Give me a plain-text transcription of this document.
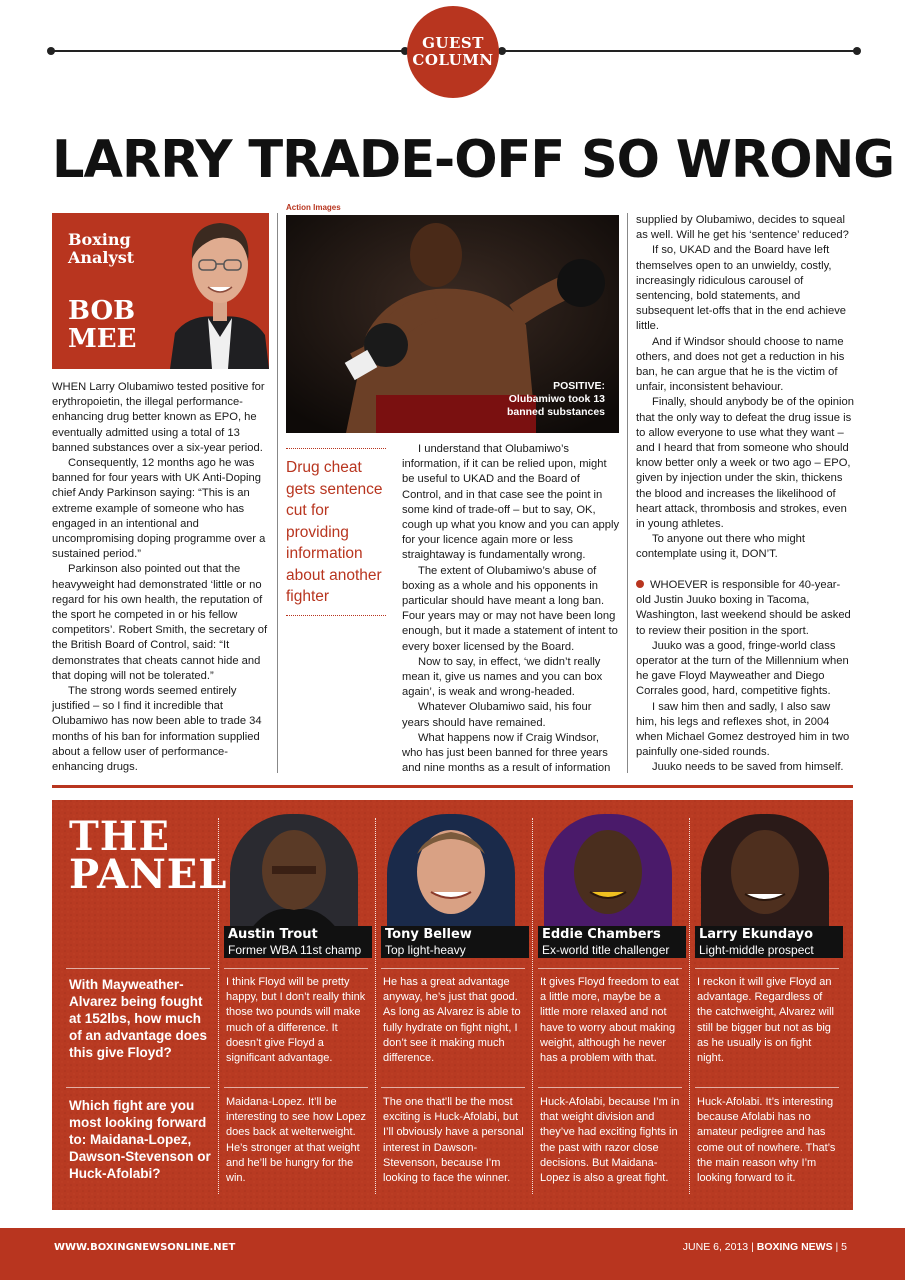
GUEST
COLUMN
LARRY TRADE-OFF SO WRONG
Boxing
Analyst
BOB
MEE

WHEN Larry Olubamiwo tested positive for erythropoietin, the illegal performance-enhancing drug better known as EPO, he eventually admitted using a total of 13 banned substances over a six-year period.

Consequently, 12 months ago he was banned for four years with UK Anti-Doping chief Andy Parkinson saying: “This is an extreme example of someone who has engaged in an intentional and uncompromising doping programme over a sustained period.”

Parkinson also pointed out that the heavyweight had demonstrated ‘little or no regard for his own health, the reputation of the sport he competed in or his fellow competitors’. Robert Smith, the secretary of the British Board of Control, said: “It demonstrates that cheats cannot hide and that doping will not be tolerated.”

The strong words seemed entirely justified – so I find it incredible that Olubamiwo has now been able to trade 34 months of his ban for information supplied about a fellow user of performance-enhancing drugs.

Action Images
POSITIVE:
Olubamiwo took 13
banned substances
Drug cheat gets sentence cut for providing information about another fighter

I understand that Olubamiwo’s information, if it can be relied upon, might be useful to UKAD and the Board of Control, and in that case see the point in some kind of trade-off – but to say, OK, cough up what you know and you can apply for your licence again more or less straightaway is fundamentally wrong.

The extent of Olubamiwo’s abuse of boxing as a whole and his opponents in particular should have meant a long ban. Four years may or may not have been long enough, but it made a statement of intent to every boxer licensed by the Board.

Now to say, in effect, ‘we didn’t really mean it, give us names and you can box again’, is weak and wrong-headed.

Whatever Olubamiwo said, his four years should have remained.

What happens now if Craig Windsor, who has just been banned for three years and nine months as a result of information

supplied by Olubamiwo, decides to squeal as well. Will he get his ‘sentence’ reduced?

If so, UKAD and the Board have left themselves open to an unwieldy, costly, increasingly ridiculous carousel of sentencing, bold statements, and subsequent let-offs that in the end achieve little.

And if Windsor should choose to name others, and does not get a reduction in his ban, he can argue that he is the victim of unfair, inconsistent behaviour.

Finally, should anybody be of the opinion that the only way to defeat the drug issue is to allow everyone to use what they want – and I heard that from someone who should know better only a week or two ago – EPO, given by injection under the skin, thickens the blood and increases the likelihood of heart attack, thrombosis and strokes, even in young athletes.

To anyone out there who might contemplate using it, DON’T.

WHOEVER is responsible for 40-year-old Justin Juuko boxing in Tacoma, Washington, last weekend should be asked to review their position in the sport.

Juuko was a good, fringe-world class operator at the turn of the Millennium when he gave Floyd Mayweather and Diego Corrales good, hard, competitive fights.

I saw him then and sadly, I also saw him, his legs and reflexes shot, in 2004 when Michael Gomez destroyed him in two painfully one-sided rounds.

Juuko needs to be saved from himself.

THE
PANEL
Austin Trout
Former WBA 11st champ
Tony Bellew
Top light-heavy
Eddie Chambers
Ex-world title challenger
Larry Ekundayo
Light-middle prospect
With Mayweather-Alvarez being fought at 152lbs, how much of an advantage does this give Floyd?
Which fight are you most looking forward to: Maidana-Lopez, Dawson-Stevenson or Huck-Afolabi?
I think Floyd will be pretty happy, but I don’t really think those two pounds will make much of a difference. It doesn’t give Floyd a significant advantage.
He has a great advantage anyway, he’s just that good. As long as Alvarez is able to fully hydrate on fight night, I don’t see it making much difference.
It gives Floyd freedom to eat a little more, maybe be a little more relaxed and not have to worry about making weight, although he never has a problem with that.
I reckon it will give Floyd an advantage. Regardless of the catchweight, Alvarez will still be bigger but not as big as he usually is on fight night.
Maidana-Lopez. It’ll be interesting to see how Lopez does back at welterweight. He’s stronger at that weight and he’ll be hungry for the win.
The one that’ll be the most exciting is Huck-Afolabi, but I’ll obviously have a personal interest in Dawson-Stevenson, because I’m looking to face the winner.
Huck-Afolabi, because I’m in that weight division and they’ve had exciting fights in the past with razor close decisions. But Maidana-Lopez is also a great fight.
Huck-Afolabi. It’s interesting because Afolabi has no amateur pedigree and has come out of nowhere. That’s the main reason why I’m looking forward to it.
WWW.BOXINGNEWSONLINE.NET	JUNE 6, 2013 | BOXING NEWS | 5
